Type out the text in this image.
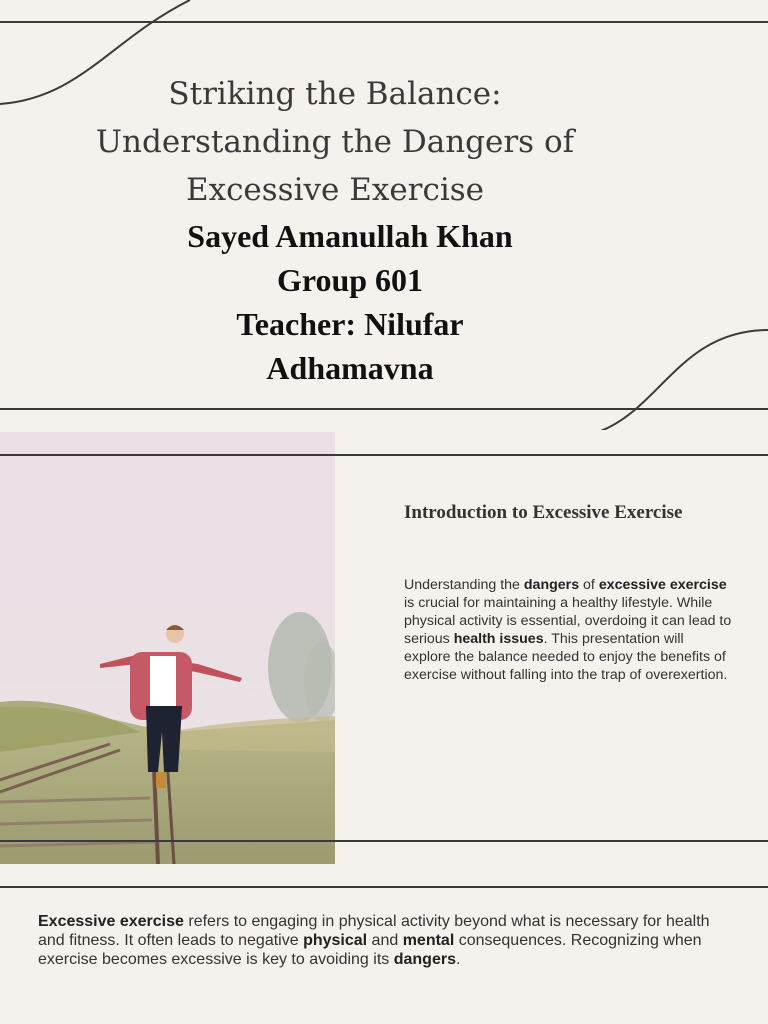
Striking the Balance:
Understanding the Dangers of
Excessive Exercise
Sayed Amanullah Khan
Group 601
Teacher: Nilufar
Adhamavna
Introduction to Excessive Exercise

Understanding the dangers of excessive exercise is crucial for maintaining a healthy lifestyle. While physical activity is essential, overdoing it can lead to serious health issues. This presentation will explore the balance needed to enjoy the benefits of exercise without falling into the trap of overexertion.

Excessive exercise refers to engaging in physical activity beyond what is necessary for health and fitness. It often leads to negative physical and mental consequences. Recognizing when exercise becomes excessive is key to avoiding its dangers.
